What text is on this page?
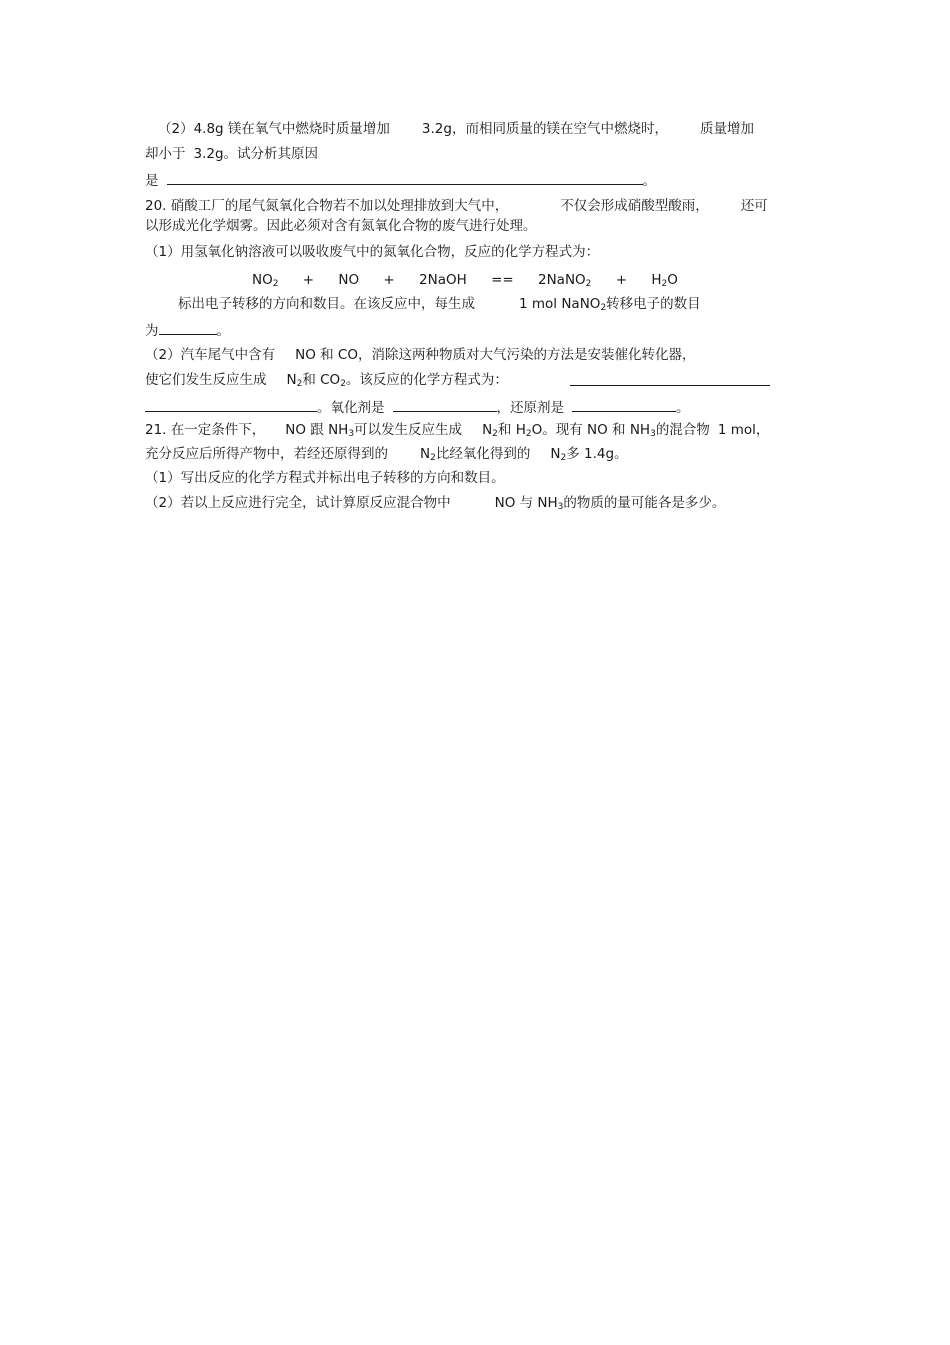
（2）4.8g 镁在氧气中燃烧时质量增加 3.2g，而相同质量的镁在空气中燃烧时， 质量增加
却小于 3.2g。试分析其原因
是	。
20. 硝酸工厂的尾气氮氧化合物若不加以处理排放到大气中，	不仅会形成硝酸型酸雨， 还可
以形成光化学烟雾。因此必须对含有氮氧化合物的废气进行处理。
（1）用氢氧化钠溶液可以吸收废气中的氮氧化合物，反应的化学方程式为：
$NO_2$ + NO + 2NaOH == 2NaNO$_2$ + $H_2O$
标出电子转移的方向和数目。在该反应中，每生成	1 mol NaNO$_2$转移电子的数目
为	。
（2）汽车尾气中含有 NO 和 CO，消除这两种物质对大气污染的方法是安装催化转化器，
使它们发生反应生成 $N_2$和 $CO_2$。该反应的化学方程式为：
。氧化剂是	，还原剂是	。
21. 在一定条件下， NO 跟 $NH_3$可以发生反应生成 $N_2$和 $H_2O$。现有 NO 和 $NH_3$的混合物 1 mol，
充分反应后所得产物中，若经还原得到的 $N_2$比经氧化得到的 $N_2$多 1.4g。
（1）写出反应的化学方程式并标出电子转移的方向和数目。
（2）若以上反应进行完全，试计算原反应混合物中	NO 与 $NH_3$的物质的量可能各是多少。
